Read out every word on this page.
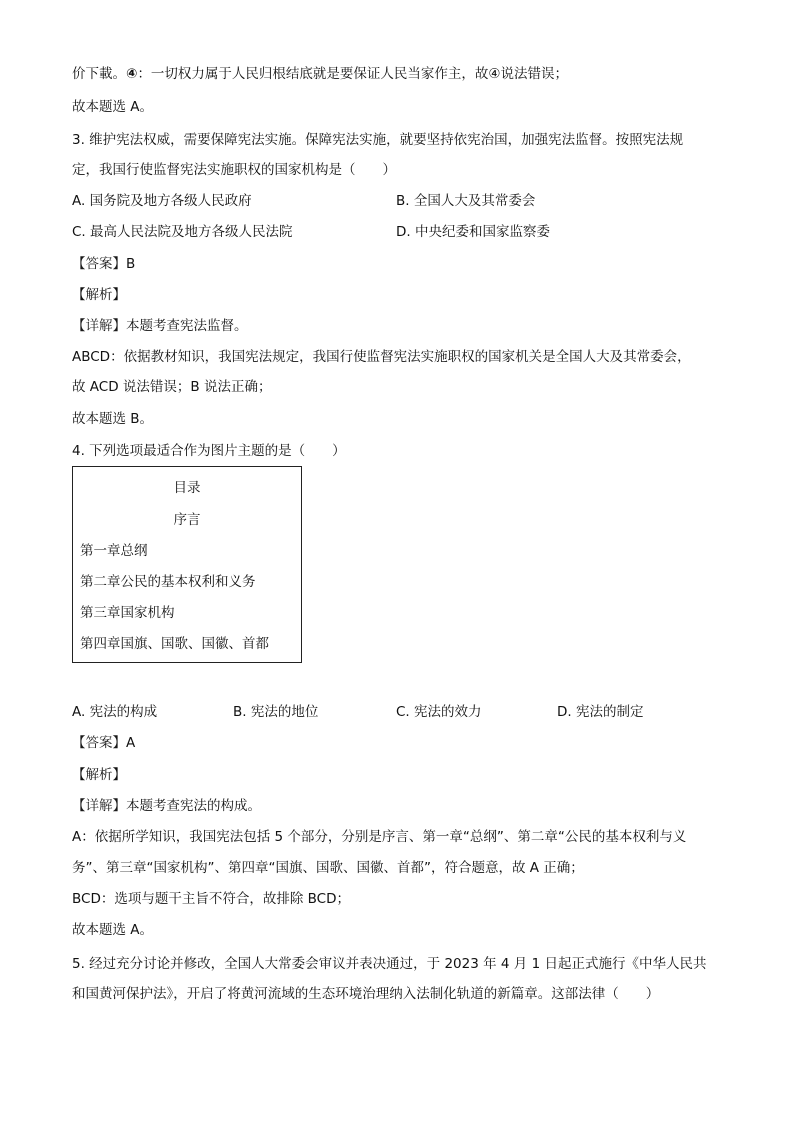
价下載。④：一切权力属于人民归根结底就是要保证人民当家作主，故④说法错误；
故本题选 A。
3. 维护宪法权威，需要保障宪法实施。保障宪法实施，就要坚持依宪治国，加强宪法监督。按照宪法规
定，我国行使监督宪法实施职权的国家机构是（　　）
A. 国务院及地方各级人民政府	B. 全国人大及其常委会
C. 最高人民法院及地方各级人民法院	D. 中央纪委和国家监察委
【答案】B
【解析】
【详解】本题考查宪法监督。
ABCD：依据教材知识，我国宪法规定，我国行使监督宪法实施职权的国家机关是全国人大及其常委会，
故 ACD 说法错误；B 说法正确；
故本题选 B。
4. 下列选项最适合作为图片主题的是（　　）
目录
序言
第一章总纲
第二章公民的基本权利和义务
第三章国家机构
第四章国旗、国歌、国徽、首都
A. 宪法的构成	B. 宪法的地位	C. 宪法的效力	D. 宪法的制定
【答案】A
【解析】
【详解】本题考查宪法的构成。
A：依据所学知识，我国宪法包括 5 个部分，分别是序言、第一章“总纲”、第二章“公民的基本权利与义
务”、第三章“国家机构”、第四章“国旗、国歌、国徽、首都”，符合题意，故 A 正确；
BCD：选项与题干主旨不符合，故排除 BCD；
故本题选 A。
5. 经过充分讨论并修改，全国人大常委会审议并表决通过，于 2023 年 4 月 1 日起正式施行《中华人民共
和国黄河保护法》，开启了将黄河流域的生态环境治理纳入法制化轨道的新篇章。这部法律（　　）
